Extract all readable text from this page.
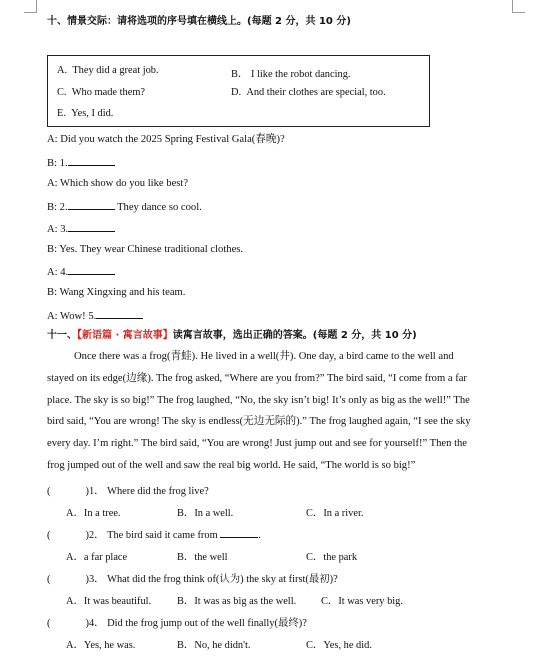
十、情景交际：请将选项的序号填在横线上。(每题 2 分，共 10 分)
A. They did a great job.	B． I like the robot dancing.
C. Who made them?	D. And their clothes are special, too.
E. Yes, I did.
A: Did you watch the 2025 Spring Festival Gala(春晚)?
B: 1.
A: Which show do you like best?
B: 2.	They dance so cool.
A: 3.
B: Yes. They wear Chinese traditional clothes.
A: 4.
B: Wang Xingxing and his team.
A: Wow! 5.
十一、【新语篇 · 寓言故事】读寓言故事，选出正确的答案。(每题 2 分，共 10 分)

Once there was a frog(青蛙). He lived in a well(井). One day, a bird came to the well and

stayed on its edge(边缘). The frog asked, “Where are you from?” The bird said, “I come from a far

place. The sky is so big!” The frog laughed, “No, the sky isn’t big! It’s only as big as the well!” The

bird said, “You are wrong! The sky is endless(无边无际的).” The frog laughed again, “I see the sky

every day. I’m right.” The bird said, “You are wrong! Just jump out and see for yourself!” Then the

frog jumped out of the well and saw the real big world. He said, “The world is so big!”

(	)1． Where did the frog live?
A．In a tree.	B．In a well.	C．In a river.
(	)2． The bird said it came from	.
A．a far place	B．the well	C．the park
(	)3． What did the frog think of(认为) the sky at first(最初)?
A．It was beautiful. B．It was as big as the well. C．It was very big.
(	)4． Did the frog jump out of the well finally(最终)?
A．Yes, he was.	B．No, he didn't.	C．Yes, he did.
